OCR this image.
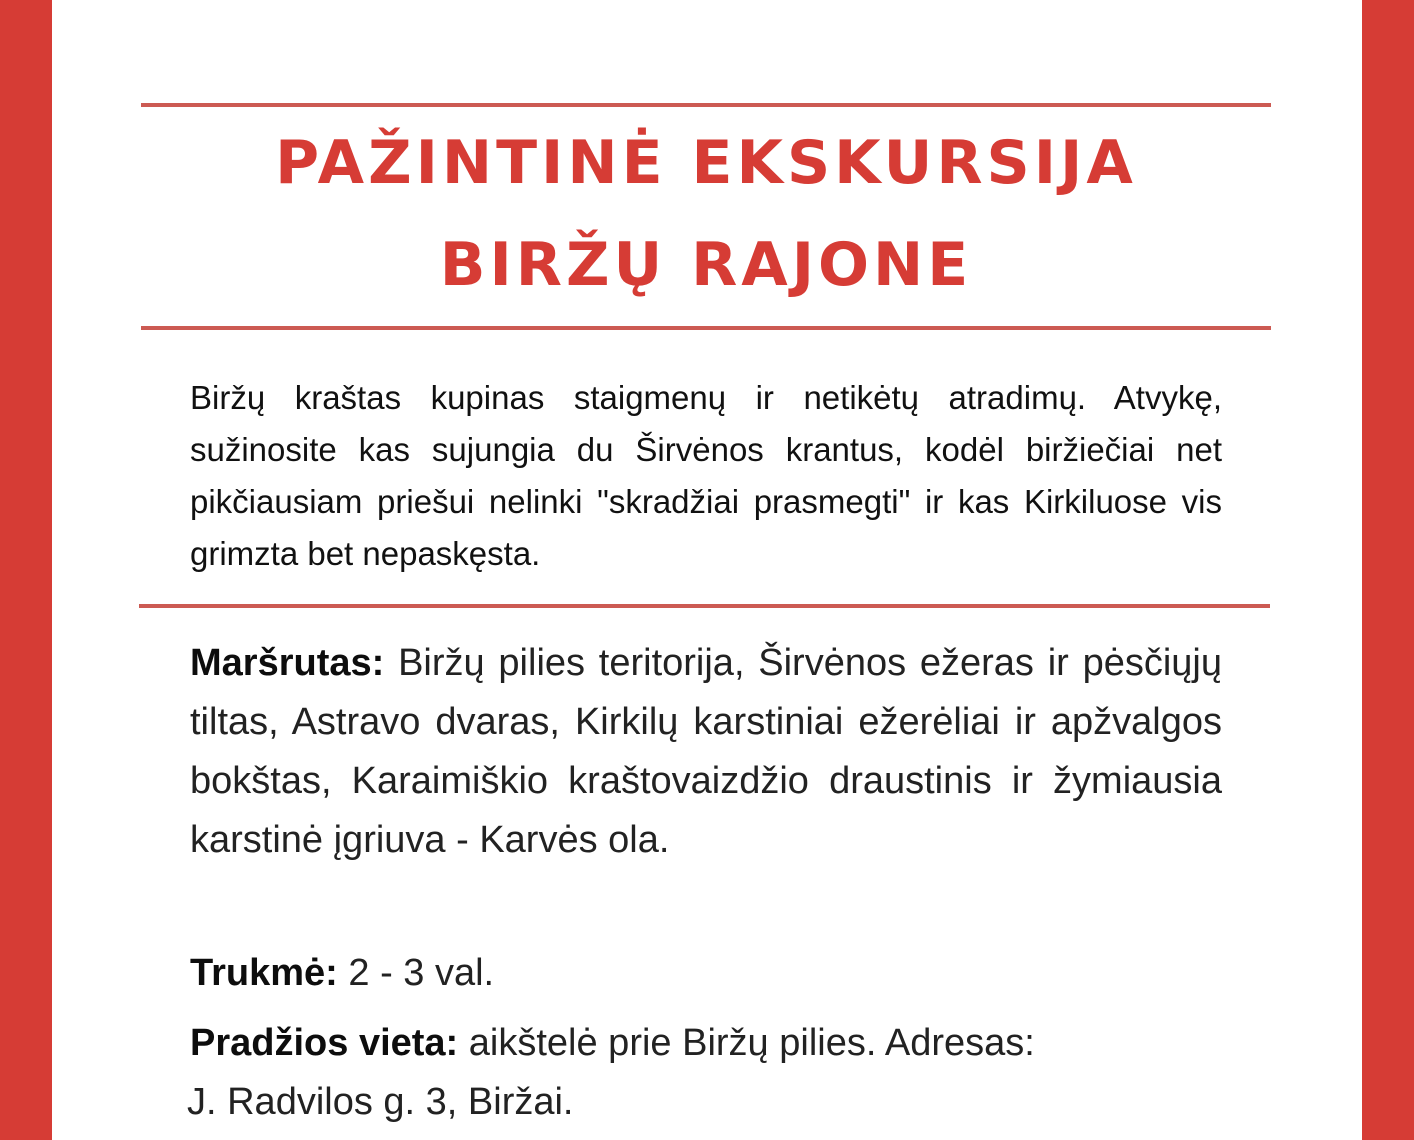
PAŽINTINĖ EKSKURSIJA
BIRŽŲ RAJONE

Biržų kraštas kupinas staigmenų ir netikėtų atradimų. Atvykę, sužinosite kas sujungia du Širvėnos krantus, kodėl biržiečiai net pikčiausiam priešui nelinki "skradžiai prasmegti" ir kas Kirkiluose vis grimzta bet nepaskęsta.

Maršrutas: Biržų pilies teritorija, Širvėnos ežeras ir pėsčiųjų tiltas, Astravo dvaras, Kirkilų karstiniai ežerėliai ir apžvalgos bokštas, Karaimiškio kraštovaizdžio draustinis ir žymiausia karstinė įgriuva - Karvės ola.

Trukmė: 2 - 3 val.

Pradžios vieta: aikštelė prie Biržų pilies. Adresas:
J. Radvilos g. 3, Biržai.
